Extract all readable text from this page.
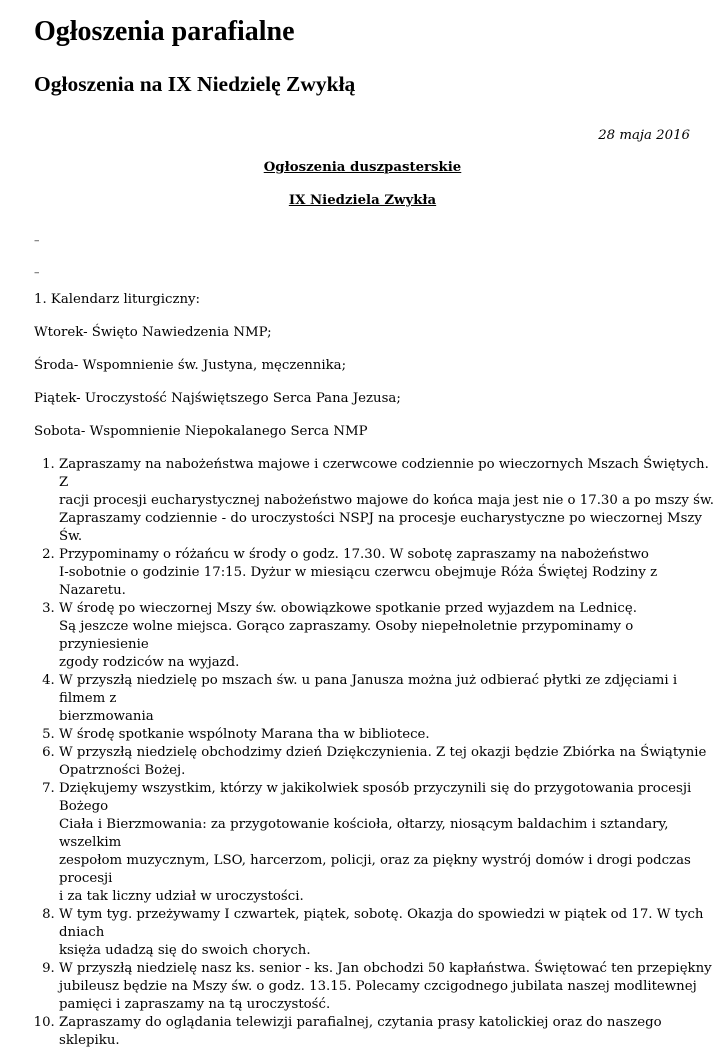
Ogłoszenia parafialne
Ogłoszenia na IX Niedzielę Zwykłą
28 maja 2016
Ogłoszenia duszpasterskie
IX Niedziela Zwykła
–
–
1. Kalendarz liturgiczny:
Wtorek- Święto Nawiedzenia NMP;
Środa- Wspomnienie św. Justyna, męczennika;
Piątek- Uroczystość Najświętszego Serca Pana Jezusa;
Sobota- Wspomnienie Niepokalanego Serca NMP
1. Zapraszamy na nabożeństwa majowe i czerwcowe codziennie po wieczornych Mszach Świętych. Z
racji procesji eucharystycznej nabożeństwo majowe do końca maja jest nie o 17.30 a po mszy św.
Zapraszamy codziennie - do uroczystości NSPJ na procesje eucharystyczne po wieczornej Mszy Św.
2. Przypominamy o różańcu w środy o godz. 17.30. W sobotę zapraszamy na nabożeństwo
I-sobotnie o godzinie 17:15. Dyżur w miesiącu czerwcu obejmuje Róża Świętej Rodziny z Nazaretu.
3. W środę po wieczornej Mszy św. obowiązkowe spotkanie przed wyjazdem na Lednicę.
Są jeszcze wolne miejsca. Gorąco zapraszamy. Osoby niepełnoletnie przypominamy o przyniesienie
zgody rodziców na wyjazd.
4. W przyszłą niedzielę po mszach św. u pana Janusza można już odbierać płytki ze zdjęciami i filmem z
bierzmowania
5. W środę spotkanie wspólnoty Marana tha w bibliotece.
6. W przyszłą niedzielę obchodzimy dzień Dziękczynienia. Z tej okazji będzie Zbiórka na Świątynie
Opatrzności Bożej.
7. Dziękujemy wszystkim, którzy w jakikolwiek sposób przyczynili się do przygotowania procesji Bożego
Ciała i Bierzmowania: za przygotowanie kościoła, ołtarzy, niosącym baldachim i sztandary, wszelkim
zespołom muzycznym, LSO, harcerzom, policji, oraz za piękny wystrój domów i drogi podczas procesji
i za tak liczny udział w uroczystości.
8. W tym tyg. przeżywamy I czwartek, piątek, sobotę. Okazja do spowiedzi w piątek od 17. W tych dniach
księża udadzą się do swoich chorych.
9. W przyszłą niedzielę nasz ks. senior - ks. Jan obchodzi 50 kapłaństwa. Świętować ten przepiękny
jubileusz będzie na Mszy św. o godz. 13.15. Polecamy czcigodnego jubilata naszej modlitewnej
pamięci i zapraszamy na tą uroczystość.
10. Zapraszamy do oglądania telewizji parafialnej, czytania prasy katolickiej oraz do naszego sklepiku.
